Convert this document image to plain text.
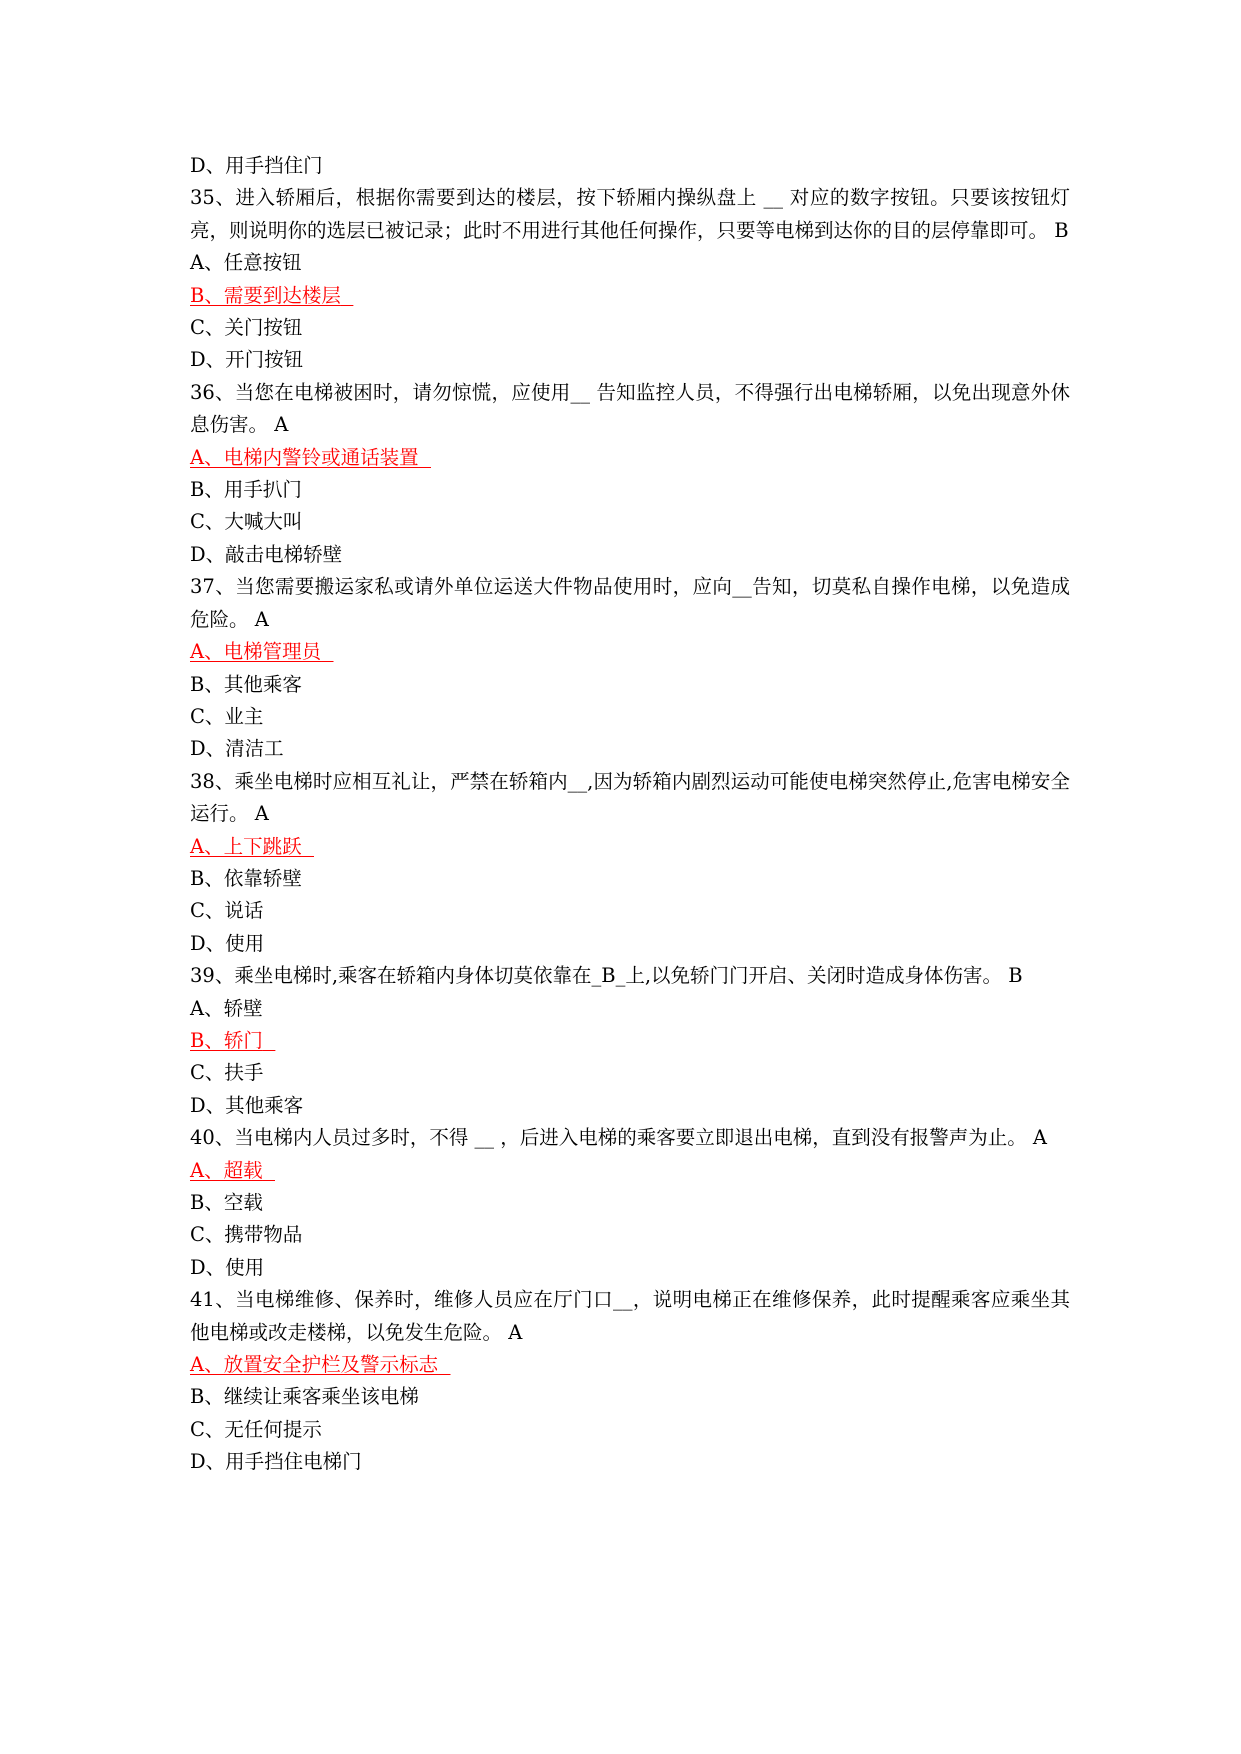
D、用手挡住门
35、进入轿厢后，根据你需要到达的楼层，按下轿厢内操纵盘上 __ 对应的数字按钮。只要该按钮灯亮，则说明你的选层已被记录；此时不用进行其他任何操作，只要等电梯到达你的目的层停靠即可。 B
A、任意按钮
B、需要到达楼层
C、关门按钮
D、开门按钮
36、当您在电梯被困时，请勿惊慌，应使用__ 告知监控人员，不得强行出电梯轿厢，以免出现意外休息伤害。 A
A、电梯内警铃或通话装置
B、用手扒门
C、大喊大叫
D、敲击电梯轿壁
37、当您需要搬运家私或请外单位运送大件物品使用时，应向__告知，切莫私自操作电梯，以免造成危险。 A
A、电梯管理员
B、其他乘客
C、业主
D、清洁工
38、乘坐电梯时应相互礼让，严禁在轿箱内__,因为轿箱内剧烈运动可能使电梯突然停止,危害电梯安全运行。 A
A、上下跳跃
B、依靠轿壁
C、说话
D、使用
39、乘坐电梯时,乘客在轿箱内身体切莫依靠在_B_上,以免轿门门开启、关闭时造成身体伤害。 B
A、轿壁
B、轿门
C、扶手
D、其他乘客
40、当电梯内人员过多时，不得 __ ，后进入电梯的乘客要立即退出电梯，直到没有报警声为止。 A
A、超载
B、空载
C、携带物品
D、使用
41、当电梯维修、保养时，维修人员应在厅门口__，说明电梯正在维修保养，此时提醒乘客应乘坐其他电梯或改走楼梯，以免发生危险。 A
A、放置安全护栏及警示标志
B、继续让乘客乘坐该电梯
C、无任何提示
D、用手挡住电梯门
